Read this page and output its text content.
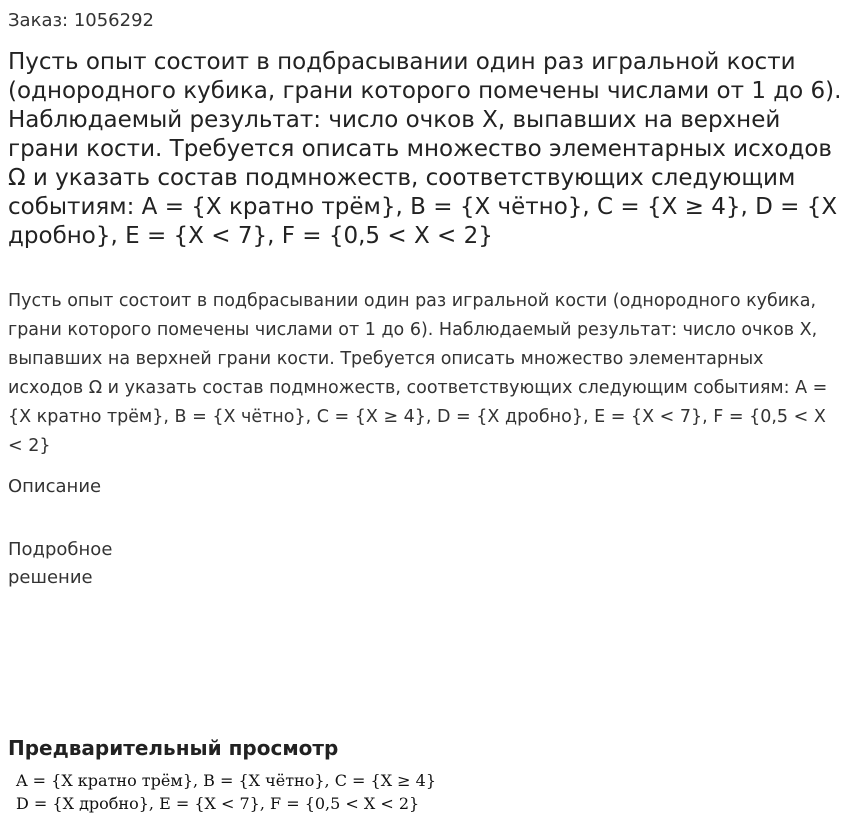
Заказ: 1056292
Пусть опыт состоит в подбрасывании один раз игральной кости (однородного кубика, грани которого помечены числами от 1 до 6). Наблюдаемый результат: число очков X, выпавших на верхней грани кости. Требуется описать множество элементарных исходов Ω и указать состав подмножеств, соответствующих следующим событиям: A = {X кратно трём}, B = {X чётно}, C = {X ≥ 4}, D = {X дробно}, E = {X < 7}, F = {0,5 < X < 2}

Пусть опыт состоит в подбрасывании один раз игральной кости (однородного кубика, грани которого помечены числами от 1 до 6). Наблюдаемый результат: число очков X, выпавших на верхней грани кости. Требуется описать множество элементарных исходов Ω и указать состав подмножеств, соответствующих следующим событиям: A = {X кратно трём}, B = {X чётно}, C = {X ≥ 4}, D = {X дробно}, E = {X < 7}, F = {0,5 < X < 2}

Описание
Подробное решение
Предварительный просмотр
A = {X кратно трём}, B = {X чётно}, C = {X ≥ 4}
D = {X дробно}, E = {X < 7}, F = {0,5 < X < 2}
